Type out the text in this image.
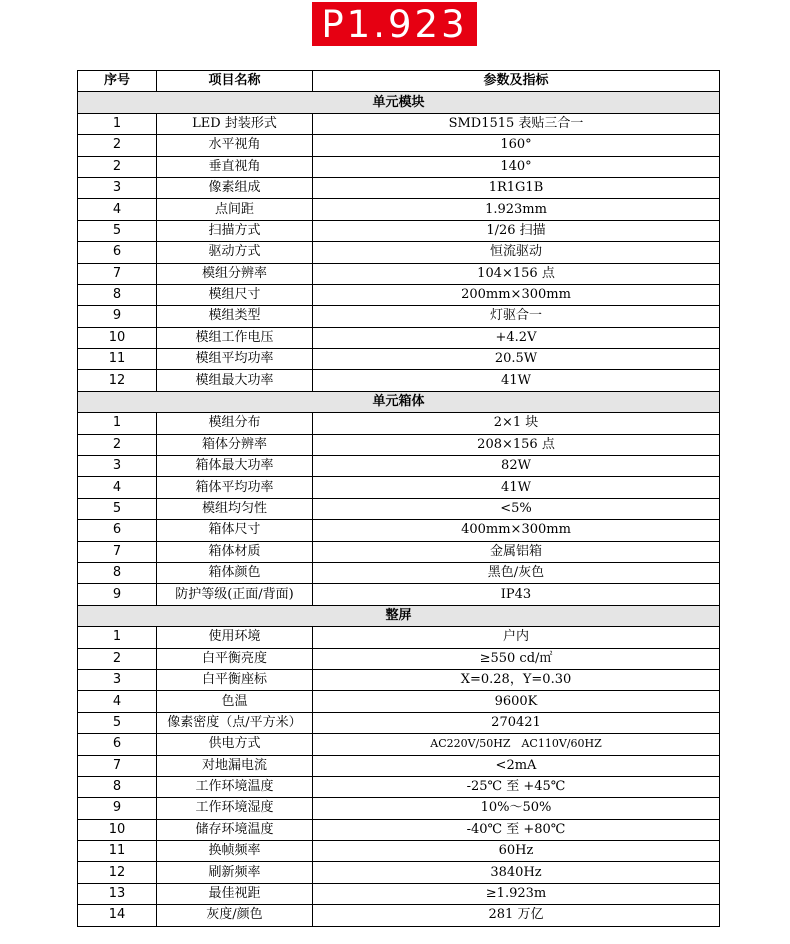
P1.923
序号	项目名称	参数及指标
单元模块		
1	LED 封装形式	SMD1515 表贴三合一
2	水平视角	160°
2	垂直视角	140°
3	像素组成	1R1G1B
4	点间距	1.923mm
5	扫描方式	1/26 扫描
6	驱动方式	恒流驱动
7	模组分辨率	104×156 点
8	模组尺寸	200mm×300mm
9	模组类型	灯驱合一
10	模组工作电压	+4.2V
11	模组平均功率	20.5W
12	模组最大功率	41W
单元箱体		
1	模组分布	2×1 块
2	箱体分辨率	208×156 点
3	箱体最大功率	82W
4	箱体平均功率	41W
5	模组均匀性	<5%
6	箱体尺寸	400mm×300mm
7	箱体材质	金属铝箱
8	箱体颜色	黑色/灰色
9	防护等级(正面/背面)	IP43
整屏		
1	使用环境	户内
2	白平衡亮度	≥550 cd/㎡
3	白平衡座标	X=0.28，Y=0.30
4	色温	9600K
5	像素密度（点/平方米）	270421
6	供电方式	AC220V/50HZ　AC110V/60HZ
7	对地漏电流	<2mA
8	工作环境温度	-25℃ 至 +45℃
9	工作环境湿度	10%～50%
10	储存环境温度	-40℃ 至 +80℃
11	换帧频率	60Hz
12	刷新频率	3840Hz
13	最佳视距	≥1.923m
14	灰度/颜色	281 万亿
